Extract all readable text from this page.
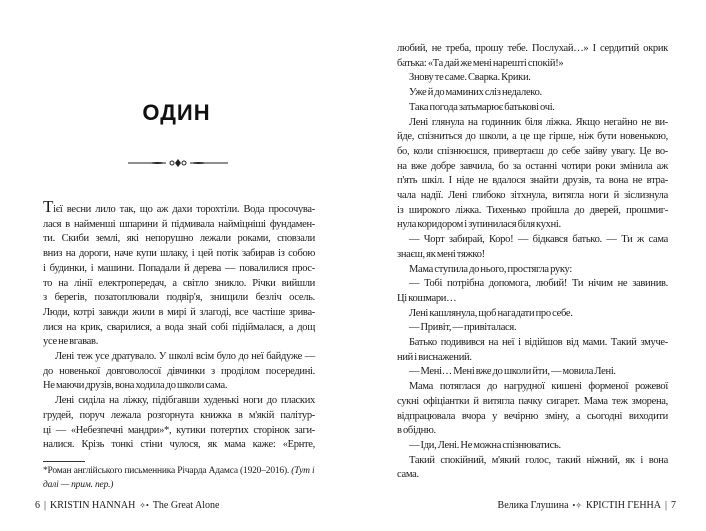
ОДИН
Тієї весни лило так, що аж дахи торохтіли. Вода просочува-
лася в найменші шпарини й підмивала наймiцніші фундамен-
ти. Скиби землі, які непорушно лежали роками, сповзали
вниз на дороги, наче купи шлаку, і цей потік забирав із собою
і будинки, і машини. Попадали й дерева — повалилися прос-
то на лінії електропередач, а світло зникло. Річки вийшли
з берегів, позатоплювали подвір'я, знищили безліч осель.
Люди, котрі завжди жили в мирі й злагоді, все частіше зрива-
лися на крик, сварилися, а вода знай собі підіймалася, а дощ
усе не вгавав.
Лені теж усе дратувало. У школі всім було до неї байдуже —
до новенької довговолосої дівчинки з проділом посередині.
Не маючи друзів, вона ходила до школи сама.
Лені сиділа на ліжку, підібгавши худенькі ноги до пласких
грудей, поруч лежала розгорнута книжка в м'якій палітур-
ці — «Небезпечні мандри»*, кутики потертих сторінок заги-
налися. Крізь тонкі стіни чулося, як мама каже: «Ернте,
*Роман англійського письменника Річарда Адамса (1920–2016). (Тут і далі — прим. пер.)
6 | KRISTIN HANNAH ✧• The Great Alone
любий, не треба, прошу тебе. Послухай…» І сердитий окрик
батька: «Та дай же мені нарешті спокій!»
Знову те саме. Сварка. Крики.
Уже й до маминих сліз недалеко.
Така погода затьмарює батькові очі.
Лені глянула на годинник біля ліжка. Якщо негайно не ви-
йде, спізниться до школи, а це ще гірше, ніж бути новенькою,
бо, коли спізнюєшся, привертаєш до себе зайву увагу. Це во-
на вже добре завчила, бо за останні чотири роки змінила аж
п'ять шкіл. І ніде не вдалося знайти друзів, та вона не втра-
чала надії. Лені глибоко зітхнула, витягла ноги й зіслизнула
із широкого ліжка. Тихенько пройшла до дверей, прошмиг-
нула коридором і зупинилася біля кухні.
— Чорт забирай, Коро! — бідкався батько. — Ти ж сама
знаєш, як мені тяжко!
Мама ступила до нього, простягла руку:
— Тобі потрібна допомога, любий! Ти нічим не завинив.
Ці кошмари…
Лені кашлянула, щоб нагадати про себе.
— Привіт, — привіталася.
Батько подивився на неї і відійшов від мами. Такий змуче-
ний і виснажений.
— Мені… Мені вже до школи йти, — мовила Лені.
Мама потяглася до нагрудної кишені форменої рожевої
сукні офіціантки й витягла пачку сигарет. Мама теж зморена,
відпрацювала вчора у вечірню зміну, а сьогодні виходити
в обідню.
— Іди, Лені. Не можна спізнюватись.
Такий спокійний, м'який голос, такий ніжний, як і вона
сама.
Велика Глушина •✧ КРІСТІН ГЕННА | 7
